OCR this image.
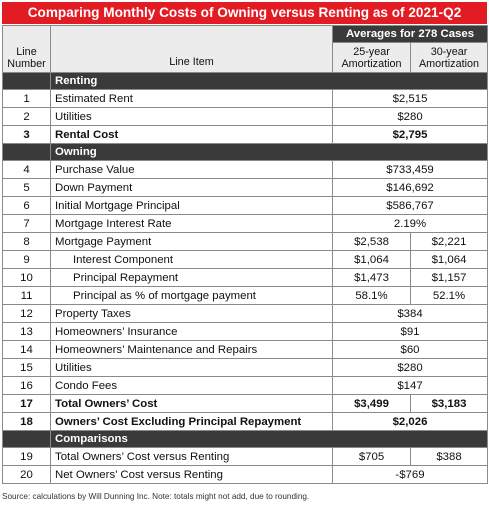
Comparing Monthly Costs of Owning versus Renting as of 2021-Q2
Line Number	Line Item	Averages for 278 Cases	
		25-year Amortization	30-year Amortization
	Renting		
1	Estimated Rent	$2,515	
2	Utilities	$280	
3	Rental Cost	$2,795	
	Owning		
4	Purchase Value	$733,459	
5	Down Payment	$146,692	
6	Initial Mortgage Principal	$586,767	
7	Mortgage Interest Rate	2.19%	
8	Mortgage Payment	$2,538	$2,221
9	Interest Component	$1,064	$1,064
10	Principal Repayment	$1,473	$1,157
11	Principal as % of mortgage payment	58.1%	52.1%
12	Property Taxes	$384	
13	Homeowners’ Insurance	$91	
14	Homeowners’ Maintenance and Repairs	$60	
15	Utilities	$280	
16	Condo Fees	$147	
17	Total Owners’ Cost	$3,499	$3,183
18	Owners’ Cost Excluding Principal Repayment	$2,026	
	Comparisons		
19	Total Owners’ Cost versus Renting	$705	$388
20	Net Owners’ Cost versus Renting	-$769	
Source: calculations by Will Dunning Inc. Note: totals might not add, due to rounding.
